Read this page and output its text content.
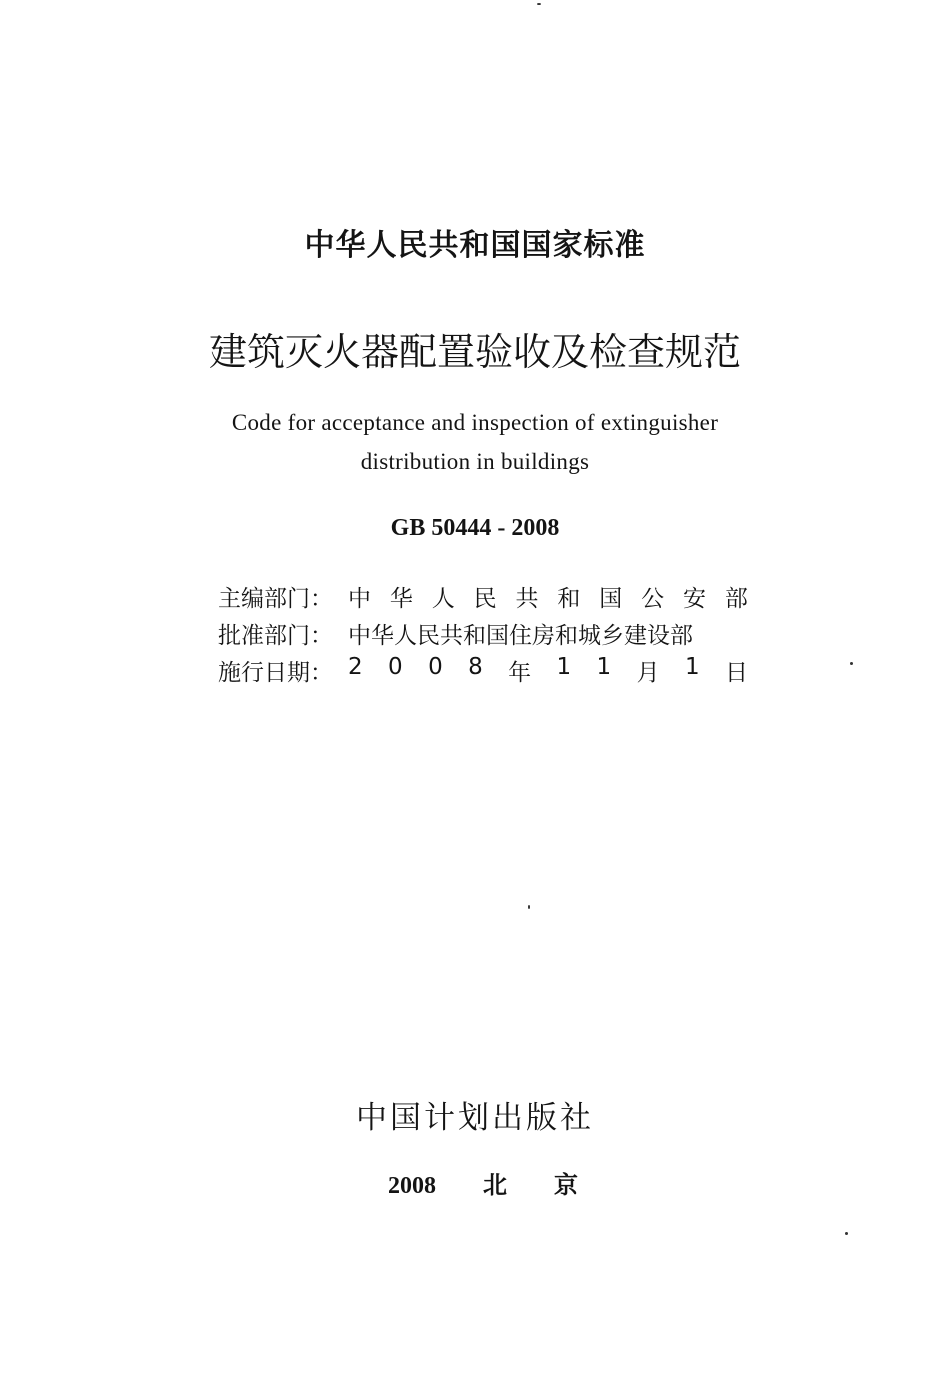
中华人民共和国国家标准
建筑灭火器配置验收及检查规范
Code for acceptance and inspection of extinguisher
distribution in buildings
GB 50444 - 2008
主编部门： 中 华 人 民 共 和 国 公 安 部
批准部门： 中华人民共和国住房和城乡建设部
施行日期： 2 0 0 8 年 1 1 月 1 日
中国计划出版社
2008 北 京
